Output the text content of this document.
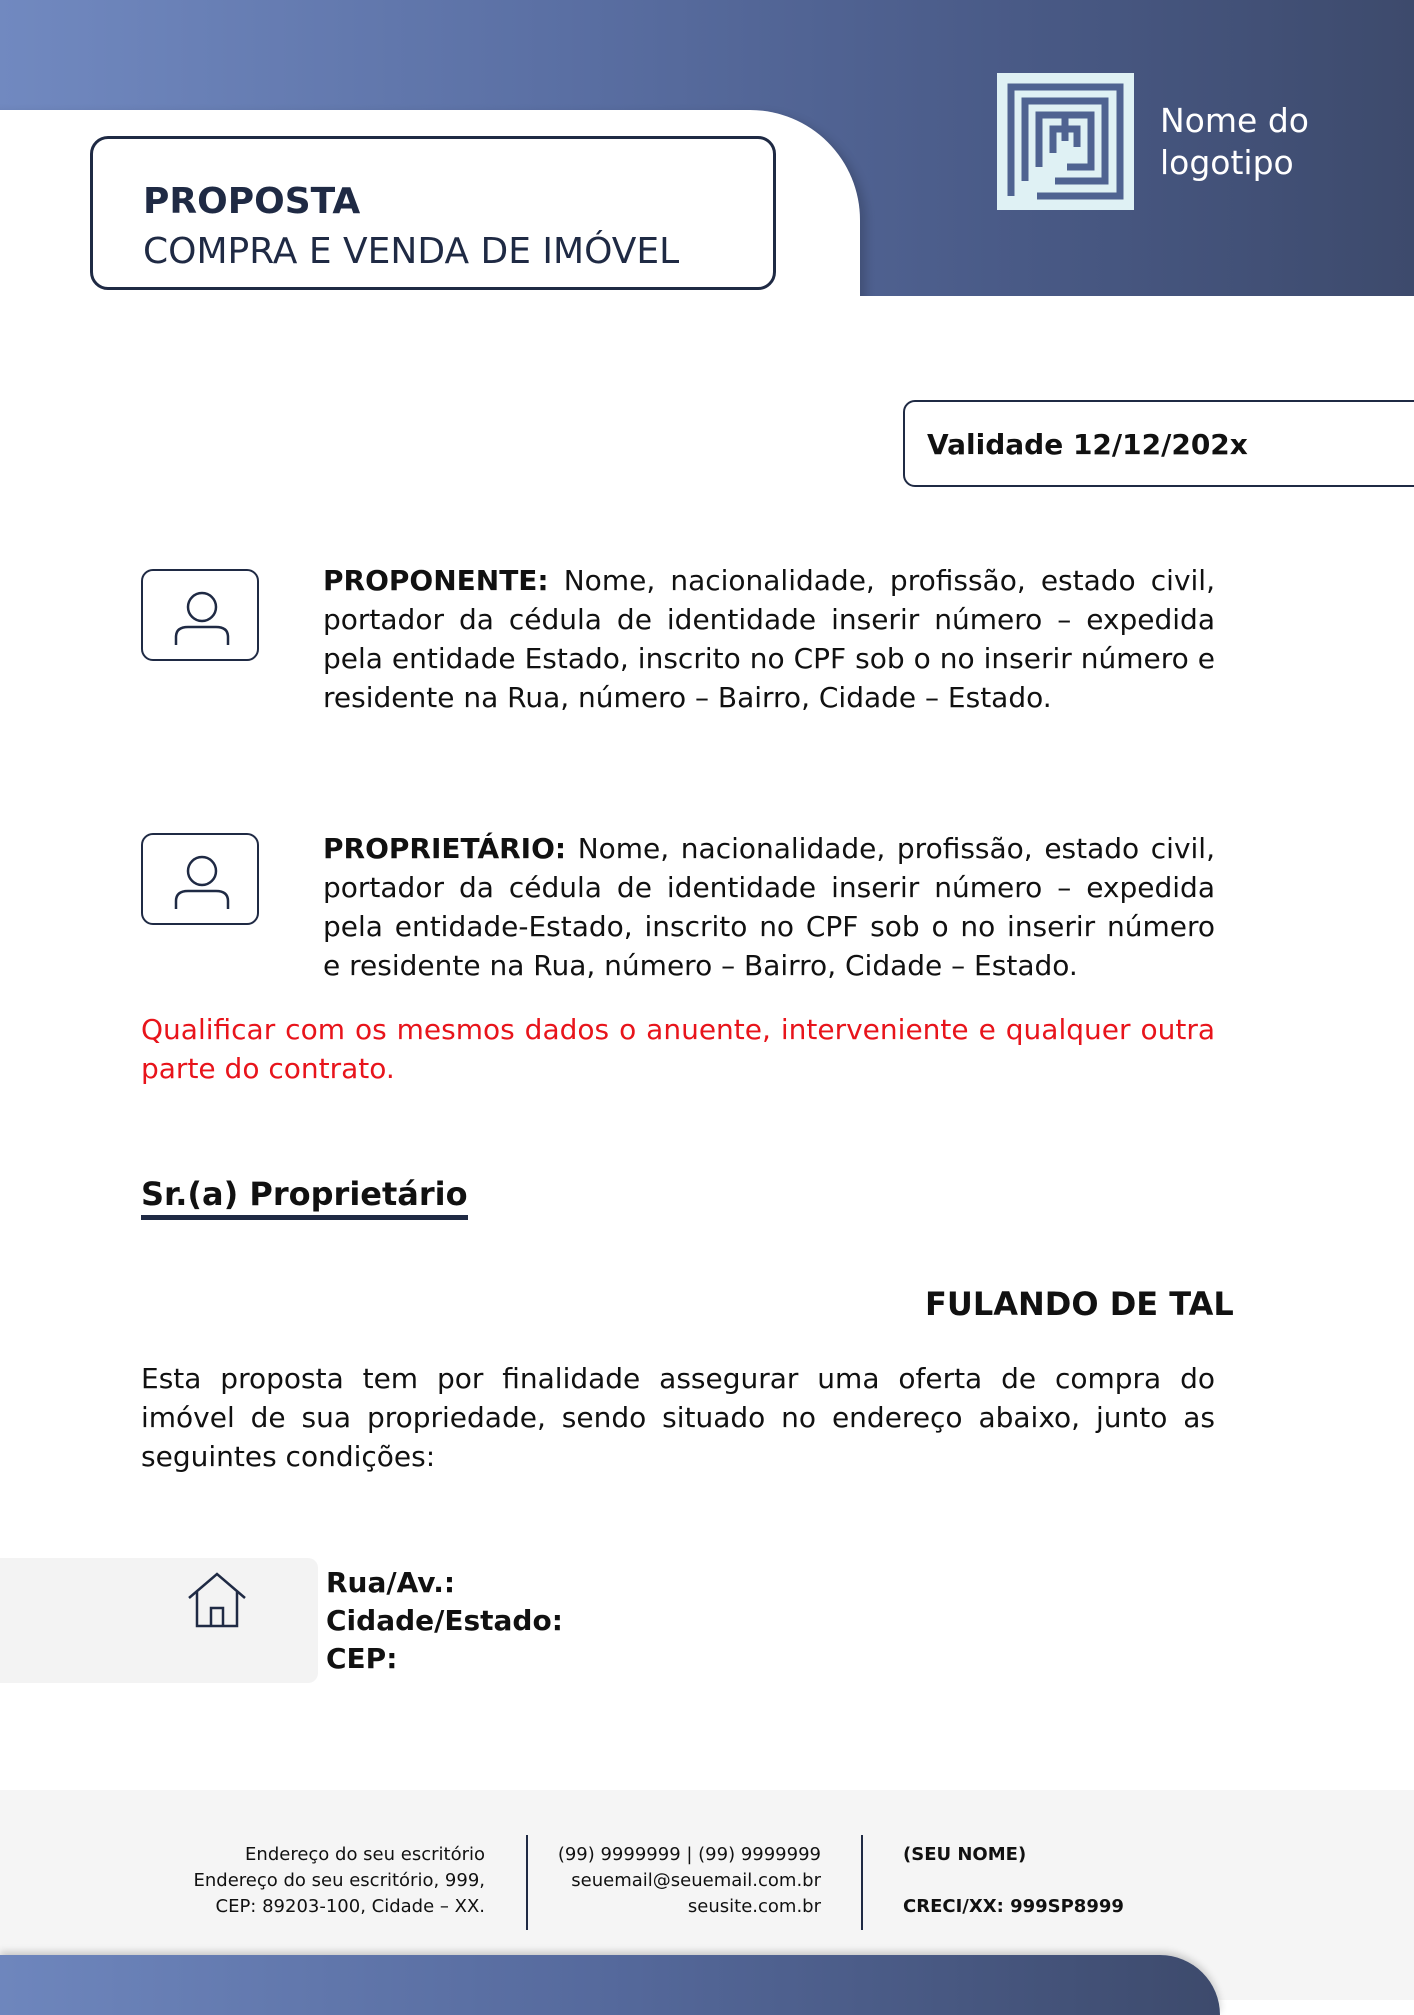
PROPOSTA
COMPRA E VENDA DE IMÓVEL
Nome do
logotipo
Validade 12/12/202x
PROPONENTE: Nome, nacionalidade, profissão, estado civil, portador da cédula de identidade inserir número – expedida pela entidade Estado, inscrito no CPF sob o no inserir número e residente na Rua, número – Bairro, Cidade – Estado.
PROPRIETÁRIO: Nome, nacionalidade, profissão, estado civil, portador da cédula de identidade inserir número – expedida pela entidade-Estado, inscrito no CPF sob o no inserir número e residente na Rua, número – Bairro, Cidade – Estado.
Qualificar com os mesmos dados o anuente, interveniente e qualquer outra parte do contrato.
Sr.(a) Proprietário
FULANDO DE TAL
Esta proposta tem por finalidade assegurar uma oferta de compra do imóvel de sua propriedade, sendo situado no endereço abaixo, junto as seguintes condições:
Rua/Av.:
Cidade/Estado:
CEP:
Endereço do seu escritório
Endereço do seu escritório, 999,
CEP: 89203-100, Cidade – XX.
(99) 9999999 | (99) 9999999
seuemail@seuemail.com.br
seusite.com.br
(SEU NOME)
CRECI/XX: 999SP8999
